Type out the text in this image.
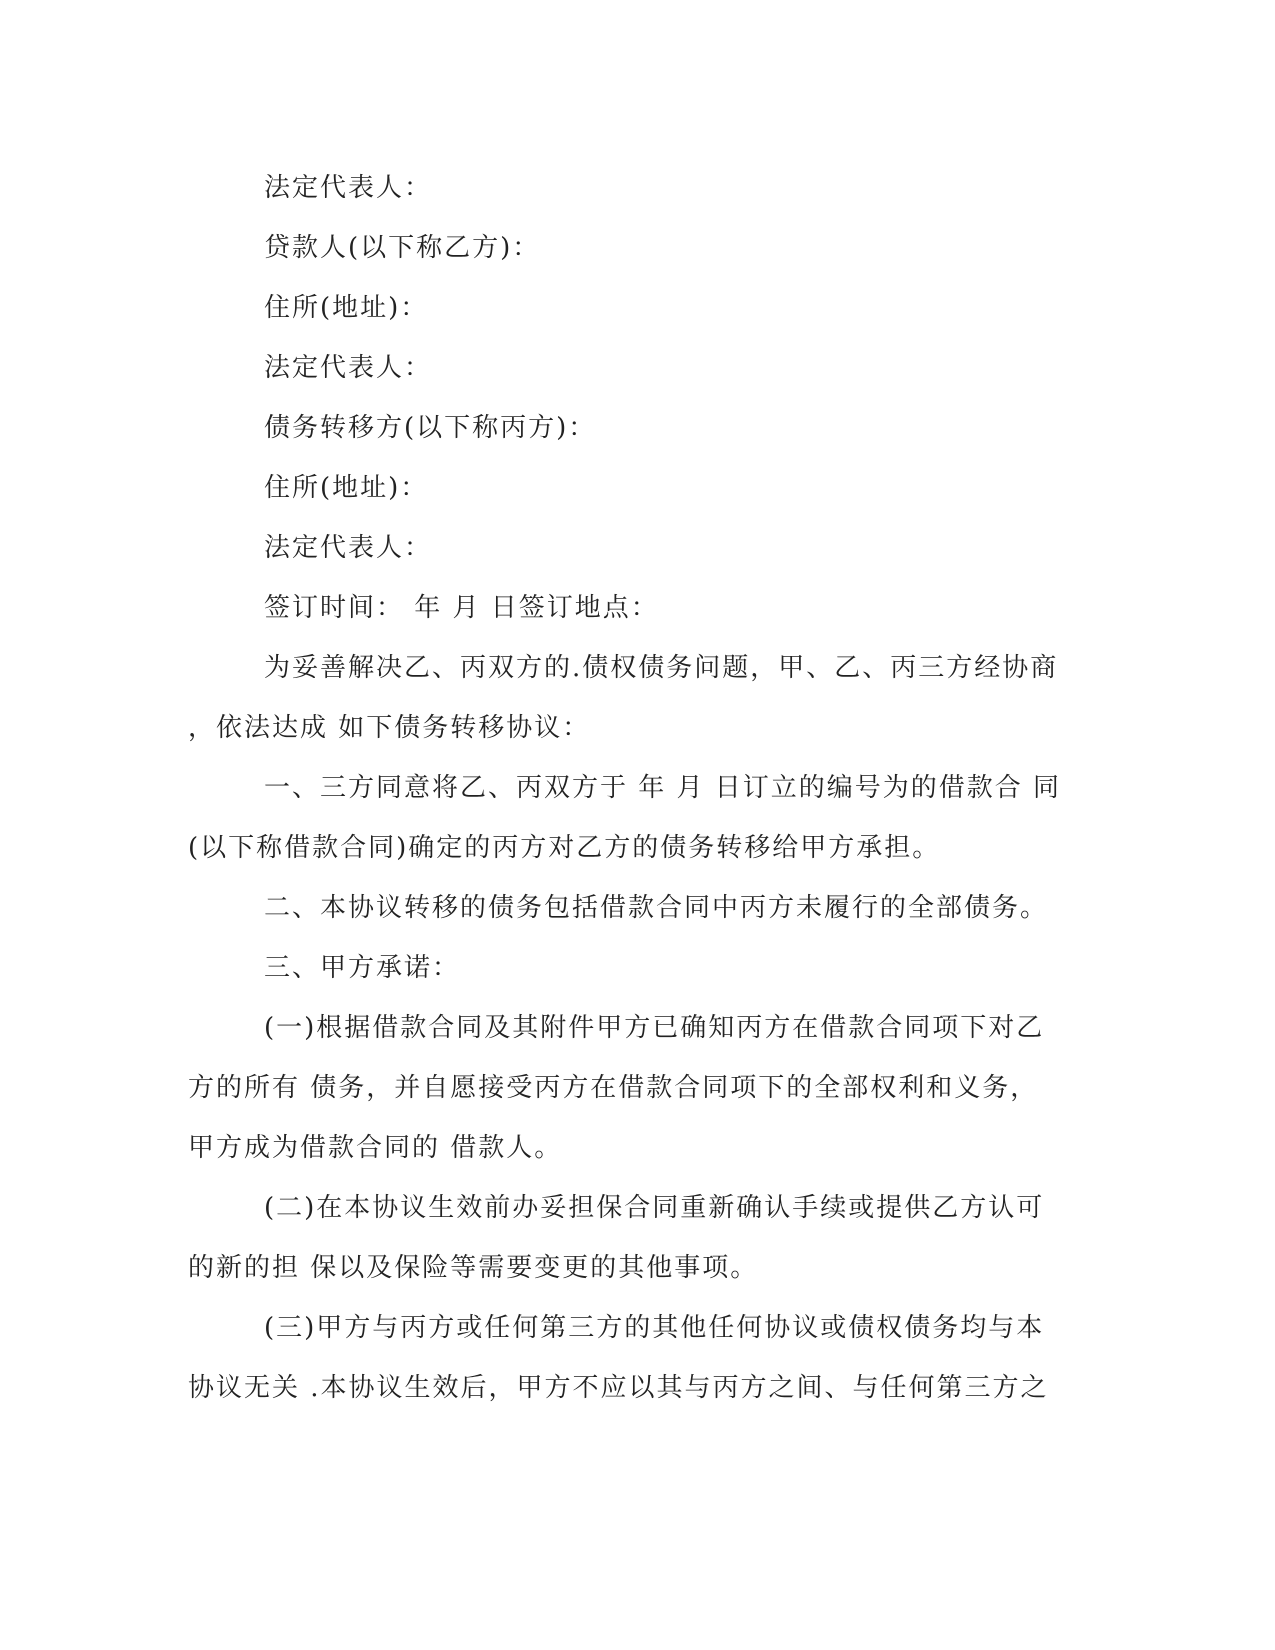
法定代表人：
贷款人(以下称乙方)：
住所(地址)：
法定代表人：
债务转移方(以下称丙方)：
住所(地址)：
法定代表人：
签订时间： 年 月 日签订地点：
为妥善解决乙、丙双方的.债权债务问题，甲、乙、丙三方经协商
，依法达成 如下债务转移协议：
一、三方同意将乙、丙双方于 年 月 日订立的编号为的借款合 同
(以下称借款合同)确定的丙方对乙方的债务转移给甲方承担。
二、本协议转移的债务包括借款合同中丙方未履行的全部债务。
三、甲方承诺：
(一)根据借款合同及其附件甲方已确知丙方在借款合同项下对乙
方的所有 债务，并自愿接受丙方在借款合同项下的全部权利和义务，
甲方成为借款合同的 借款人。
(二)在本协议生效前办妥担保合同重新确认手续或提供乙方认可
的新的担 保以及保险等需要变更的其他事项。
(三)甲方与丙方或任何第三方的其他任何协议或债权债务均与本
协议无关 .本协议生效后，甲方不应以其与丙方之间、与任何第三方之
